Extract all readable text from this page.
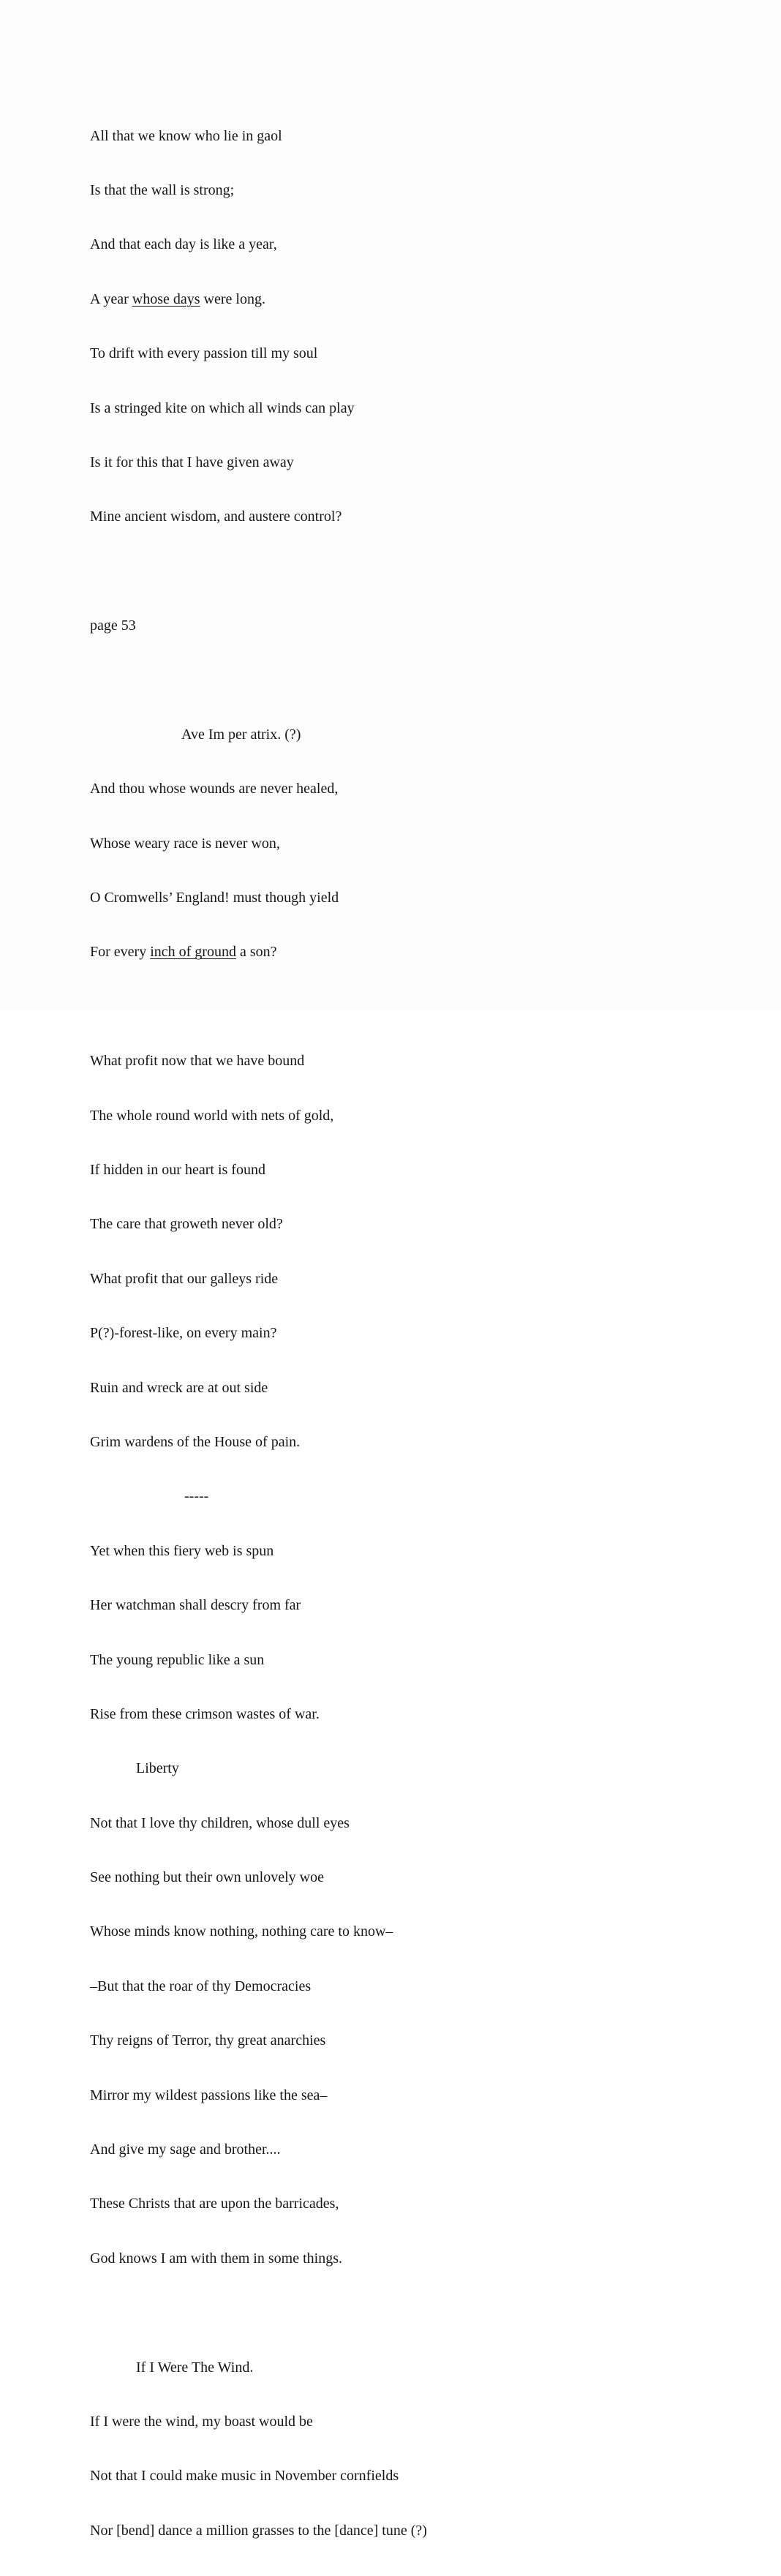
All that we know who lie in gaol

Is that the wall is strong;

And that each day is like a year,

A year whose days were long.

To drift with every passion till my soul

Is a stringed kite on which all winds can play

Is it for this that I have given away

Mine ancient wisdom, and austere control?

page 53

Ave Im per atrix. (?)

And thou whose wounds are never healed,

Whose weary race is never won,

O Cromwells’ England! must though yield

For every inch of ground a son?

What profit now that we have bound

The whole round world with nets of gold,

If hidden in our heart is found

The care that groweth never old?

What profit that our galleys ride

P(?)-forest-like, on every main?

Ruin and wreck are at out side

Grim wardens of the House of pain.

-----

Yet when this fiery web is spun

Her watchman shall descry from far

The young republic like a sun

Rise from these crimson wastes of war.

Liberty

Not that I love thy children, whose dull eyes

See nothing but their own unlovely woe

Whose minds know nothing, nothing care to know–

–But that the roar of thy Democracies

Thy reigns of Terror, thy great anarchies

Mirror my wildest passions like the sea–

And give my sage and brother....

These Christs that are upon the barricades,

God knows I am with them in some things.

If I Were The Wind.

If I were the wind, my boast would be

Not that I could make music in November cornfields

Nor [bend] dance a million grasses to the [dance] tune (?)
